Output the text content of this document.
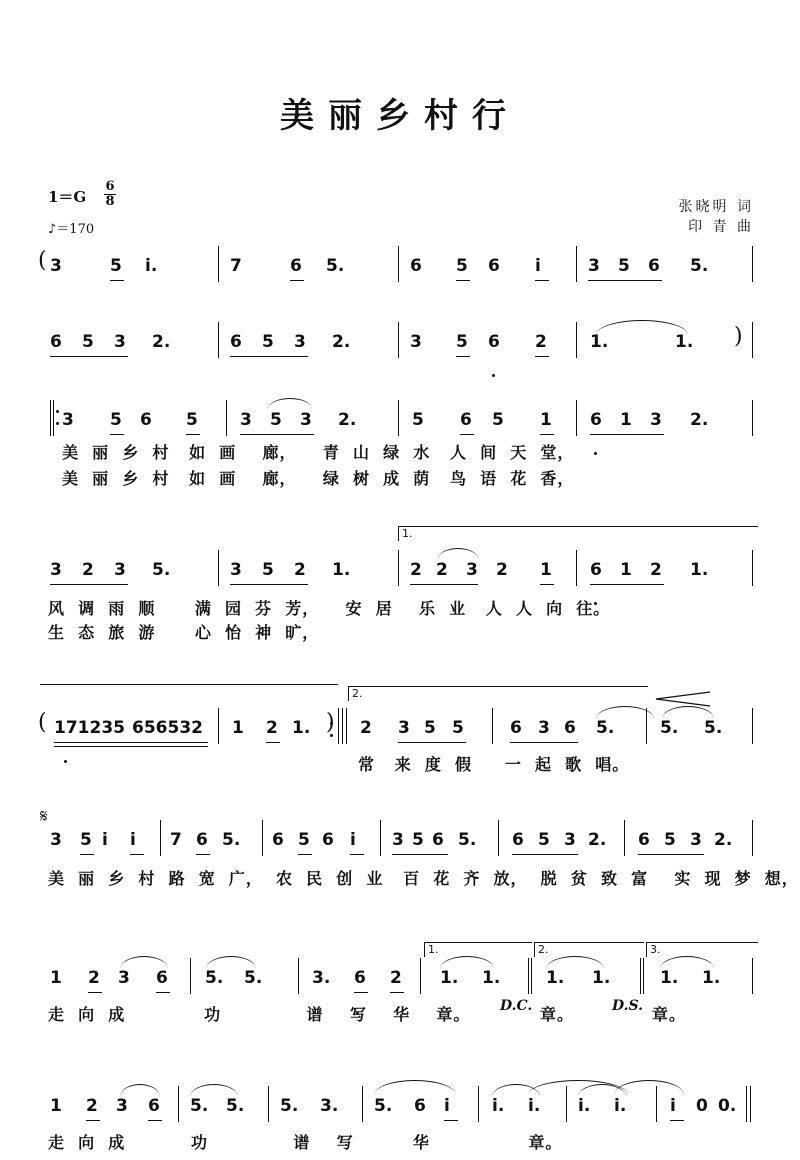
美丽乡村行
1＝G
6
8
♪＝170
张晓明 词
印 青 曲
𝄋
D.C.	D.S.
1.
2.
1.	2.	3.
3	5 i.	7	6 5.	6 5 6 i	3 5 6 5.
6 5 3 2.	6 5 3 2.	3 5 6 2	1.	1.
3 5 6 5 3 5 3 2.	5 6 5 1 6 1 3 2.
3 2 3 5.	3 5 2 1.	2 2 3 2 1 6 1 2 1.
171235 656532 1 2 1.	2 3 5 5	6 3 6 5.	5. 5.
3 5 i i 7 6 5. 6 5 6 i 3 5 6 5. 6 5 3 2. 6 5 3 2.
1 2 3 6 5. 5.	3. 6 2 1. 1.	1. 1.	1. 1.
1 2 3 6 5. 5. 5. 3. 5. 6 i i. i. i. i.	i 0 0.
(
)
(	)
美  丽  乡  村   如  画    廊，    青  山  绿  水   人  间  天  堂，
美  丽  乡  村   如  画    廊，    绿  树  成  荫   鸟  语  花  香，
风  调  雨  顺      满  园  芬  芳，    安  居    乐  业   人  人  向  往。
生  态  旅  游      心  怡  神  旷，
常   来  度  假     一  起  歌  唱。
美  丽  乡  村  路  宽  广，  农  民  创  业   百  花  齐  放，  脱  贫  致  富    实  现  梦  想，
走  向  成            功             谱    写    华    章。	章。	章。
走  向  成          功             谱    写         华               章。
